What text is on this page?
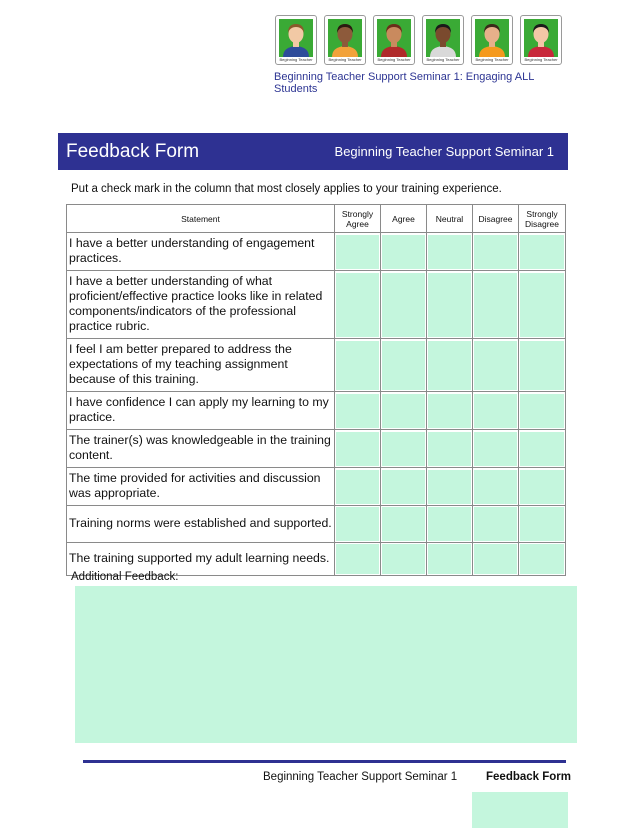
Beginning Teacher	Beginning Teacher	Beginning Teacher	Beginning Teacher	Beginning Teacher	Beginning Teacher
Beginning Teacher Support Seminar 1: Engaging ALL Students
Feedback Form	Beginning Teacher Support Seminar 1
Put a check mark in the column that most closely applies to your training experience.
Statement	Strongly Agree	Agree	Neutral	Disagree	Strongly Disagree
I have a better understanding of engagement practices.	

I have a better understanding of what proficient/effective practice looks like in related components/indicators of the professional practice rubric.	

I feel I am better prepared to address the expectations of my teaching assignment because of this training.	

I have confidence I can apply my learning to my practice.	

The trainer(s) was knowledgeable in the training content.	

The time provided for activities and discussion was appropriate.	

Training norms were established and supported.	

The training supported my adult learning needs.	

Additional Feedback:
Beginning Teacher Support Seminar 1	Feedback Form
